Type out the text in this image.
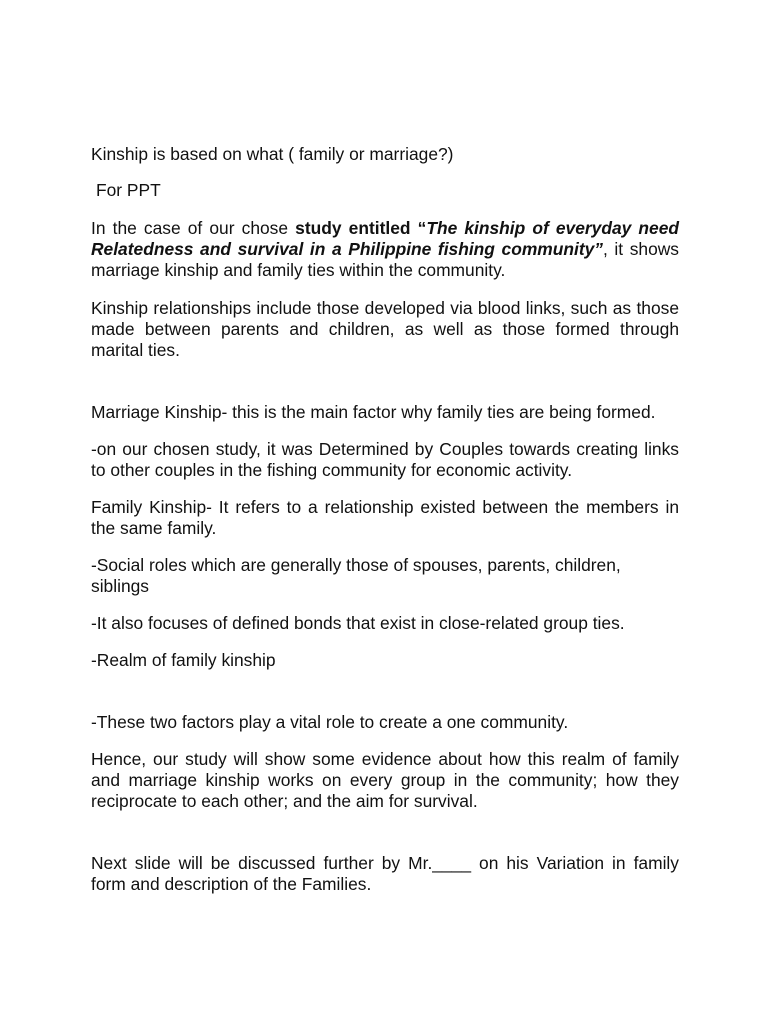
Kinship is based on what ( family or marriage?)

For PPT

In the case of our chose study entitled “The kinship of everyday need Relatedness and survival in a Philippine fishing community”, it shows marriage kinship and family ties within the community.

Kinship relationships include those developed via blood links, such as those made between parents and children, as well as those formed through marital ties.

Marriage Kinship- this is the main factor why family ties are being formed.

-on our chosen study, it was Determined by Couples towards creating links to other couples in the fishing community for economic activity.

Family Kinship- It refers to a relationship existed between the members in the same family.

-Social roles which are generally those of spouses, parents, children, siblings

-It also focuses of defined bonds that exist in close-related group ties.

-Realm of family kinship

-These two factors play a vital role to create a one community.

Hence, our study will show some evidence about how this realm of family and marriage kinship works on every group in the community; how they reciprocate to each other; and the aim for survival.

Next slide will be discussed further by Mr.____ on his Variation in family form and description of the Families.
